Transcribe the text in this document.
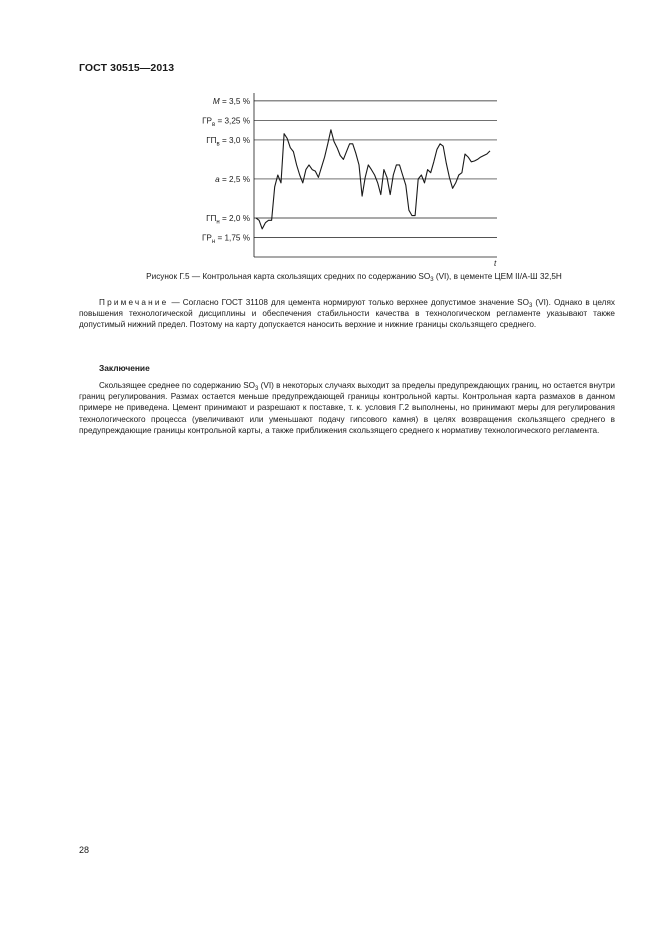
ГОСТ 30515—2013
M = 3,5 %
$ГР_в = 3,25$ %
$ГП_в = 3,0$ %
a = 2,5 %
$ГП_н = 2,0$ %
$ГР_н = 1,75$ %
t
Рисунок Г.5 — Контрольная карта скользящих средних по содержанию $SO_3$ (VI), в цементе ЦЕМ II/А-Ш 32,5Н

Примечание — Согласно ГОСТ 31108 для цемента нормируют только верхнее допустимое значение $SO_3$ (VI). Однако в целях повышения технологической дисциплины и обеспечения стабильности качества в технологическом регламенте указывают также допустимый нижний предел. Поэтому на карту допускается наносить верхние и нижние границы скользящего среднего.

Заключение

Скользящее среднее по содержанию $SO_3$ (VI) в некоторых случаях выходит за пределы предупреждающих границ, но остается внутри границ регулирования. Размах остается меньше предупреждающей границы контрольной карты. Контрольная карта размахов в данном примере не приведена. Цемент принимают и разрешают к поставке, т. к. условия Г.2 выполнены, но принимают меры для регулирования технологического процесса (увеличивают или уменьшают подачу гипсового камня) в целях возвращения скользящего среднего в предупреждающие границы контрольной карты, а также приближения скользящего среднего к нормативу технологического регламента.

28
